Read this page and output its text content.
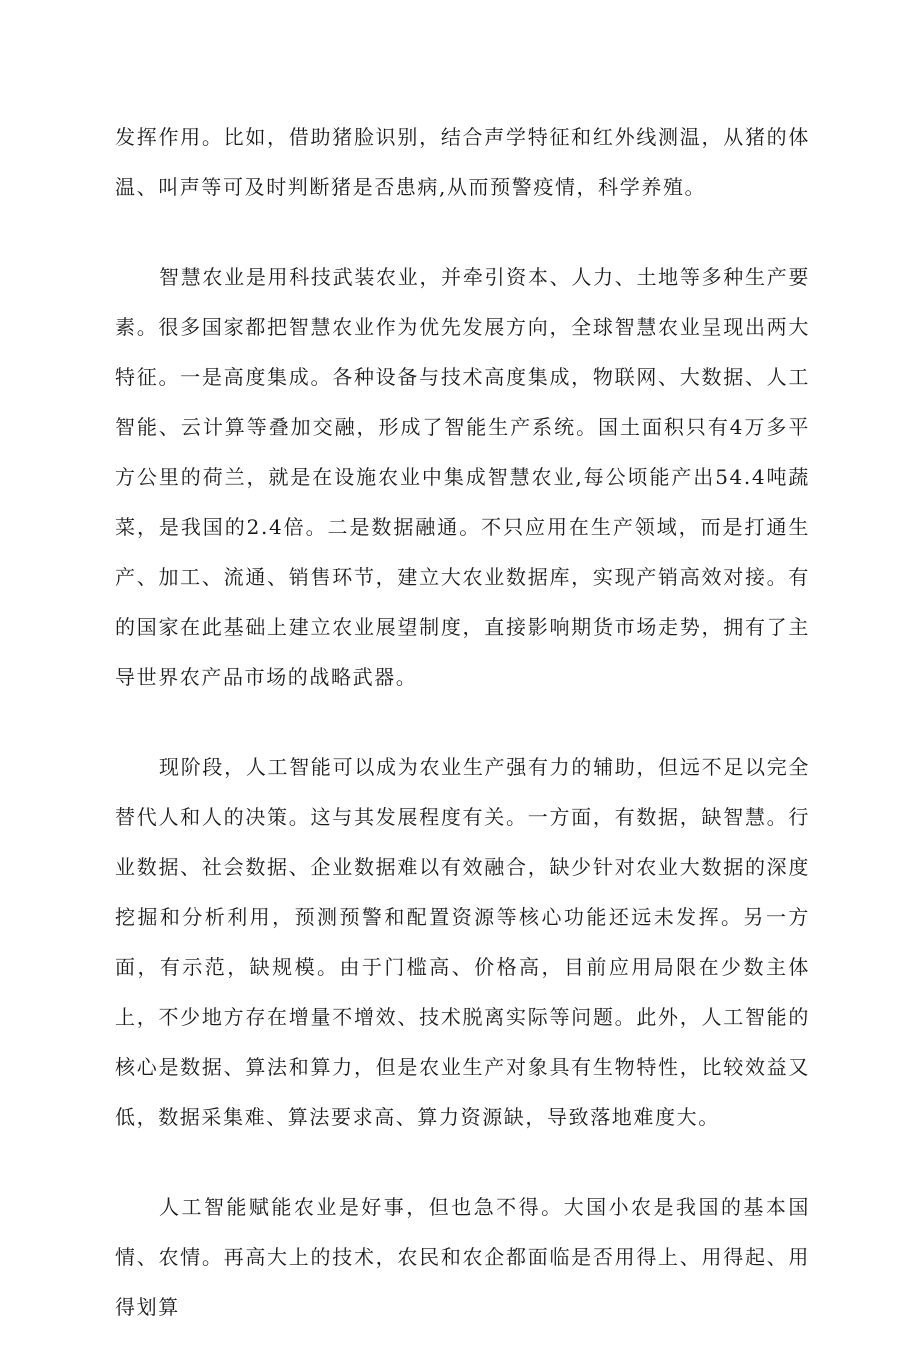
发挥作用。比如，借助猪脸识别，结合声学特征和红外线测温，从猪的体温、叫声等可及时判断猪是否患病,从而预警疫情，科学养殖。

智慧农业是用科技武装农业，并牵引资本、人力、土地等多种生产要素。很多国家都把智慧农业作为优先发展方向，全球智慧农业呈现出两大特征。一是高度集成。各种设备与技术高度集成，物联网、大数据、人工智能、云计算等叠加交融，形成了智能生产系统。国土面积只有4万多平方公里的荷兰，就是在设施农业中集成智慧农业,每公顷能产出54.4吨蔬菜，是我国的2.4倍。二是数据融通。不只应用在生产领域，而是打通生产、加工、流通、销售环节，建立大农业数据库，实现产销高效对接。有的国家在此基础上建立农业展望制度，直接影响期货市场走势，拥有了主导世界农产品市场的战略武器。

现阶段，人工智能可以成为农业生产强有力的辅助，但远不足以完全替代人和人的决策。这与其发展程度有关。一方面，有数据，缺智慧。行业数据、社会数据、企业数据难以有效融合，缺少针对农业大数据的深度挖掘和分析利用，预测预警和配置资源等核心功能还远未发挥。另一方面，有示范，缺规模。由于门槛高、价格高，目前应用局限在少数主体上，不少地方存在增量不增效、技术脱离实际等问题。此外，人工智能的核心是数据、算法和算力，但是农业生产对象具有生物特性，比较效益又低，数据采集难、算法要求高、算力资源缺，导致落地难度大。

人工智能赋能农业是好事，但也急不得。大国小农是我国的基本国情、农情。再高大上的技术，农民和农企都面临是否用得上、用得起、用得划算
